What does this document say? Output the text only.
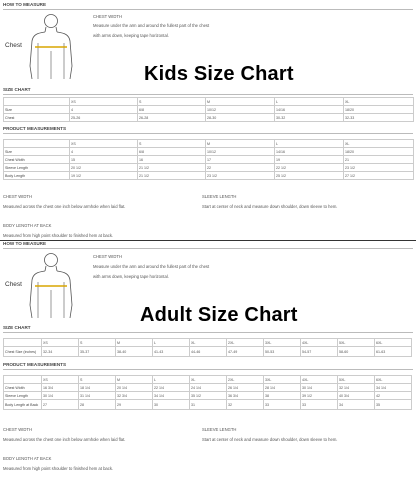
HOW TO MEASURE
Chest
CHEST WIDTH
Measure under the arm and around the fullest part of the chest
with arms down, keeping tape horizontal.
Kids Size Chart
SIZE CHART
	XS	S	M	L	XL
Size	4	6/8	10/12	14/16	18/20
Chest	25-26	26-28	28-30	30-32	32-33
PRODUCT MEASUREMENTS
	XS	S	M	L	XL
Size	4	6/8	10/12	14/16	18/20
Chest Width	15	16	17	19	21
Sleeve Length	20 1/2	21 1/2	22	22 1/2	23 1/2
Body Length	19 1/2	21 1/2	23 1/2	25 1/2	27 1/2
CHEST WIDTH
Measured across the chest one inch below armhole when laid flat.
SLEEVE LENGTH
Start at center of neck and measure down shoulder, down sleeve to hem.
BODY LENGTH AT BACK
Measured from high point shoulder to finished hem at back.
HOW TO MEASURE
Chest
CHEST WIDTH
Measure under the arm and around the fullest part of the chest
with arms down, keeping tape horizontal.
Adult Size Chart
SIZE CHART
	XS	S	M	L	XL	2XL	3XL	4XL	5XL	6XL
Chest Size (inches)	32-34	35-37	38-40	41-43	44-46	47-49	50-53	54-57	58-60	61-63
PRODUCT MEASUREMENTS
	XS	S	M	L	XL	2XL	3XL	4XL	5XL	6XL
Chest Width	16 3/4	18 1/4	20 1/4	22 1/4	24 1/4	26 1/4	28 1/4	30 1/4	32 1/4	34 1/4
Sleeve Length	30 1/4	31 1/4	32 3/4	34 1/4	35 1/2	36 3/4	38	39 1/2	40 3/4	42
Body Length at Back	27	28	29	30	31	32	33	33	34	35
CHEST WIDTH
Measured across the chest one inch below armhole when laid flat.
SLEEVE LENGTH
Start at center of neck and measure down shoulder, down sleeve to hem.
BODY LENGTH AT BACK
Measured from high point shoulder to finished hem at back.
